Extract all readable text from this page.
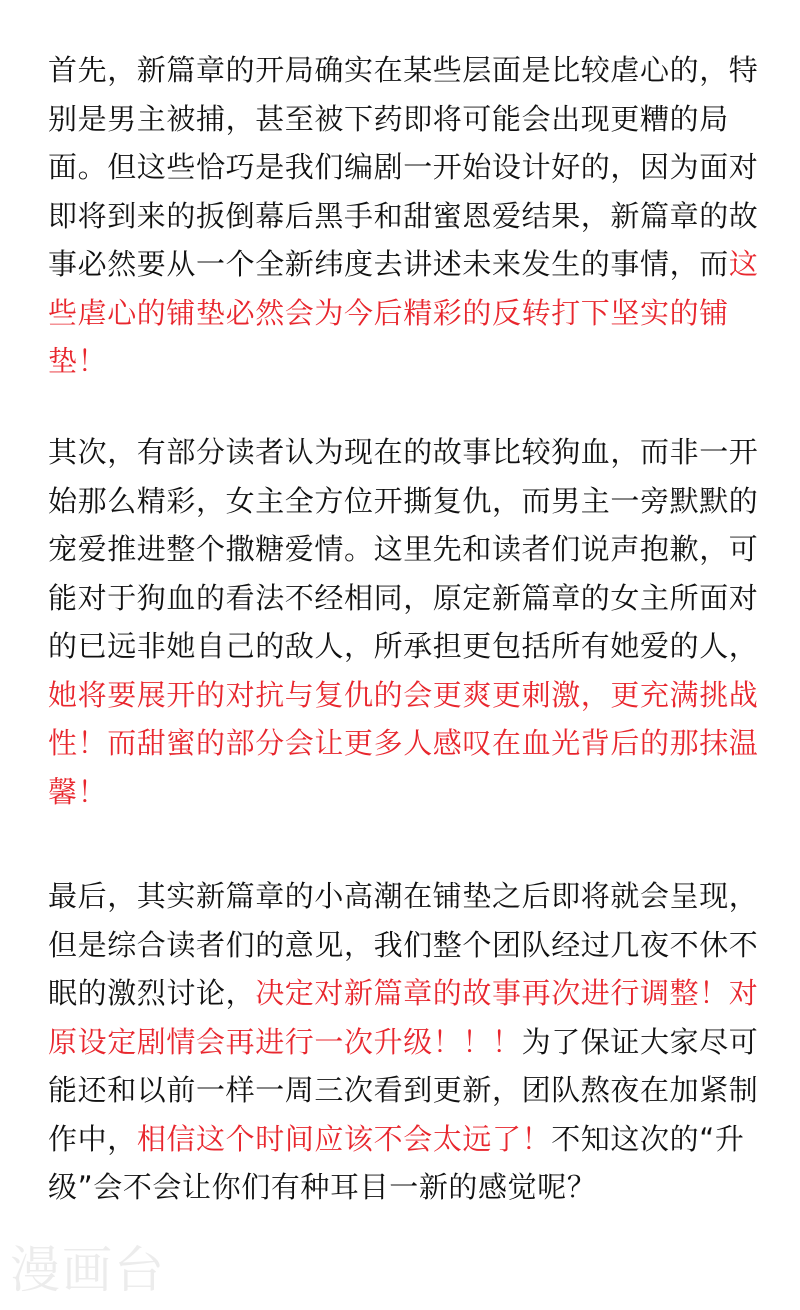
首先，新篇章的开局确实在某些层面是比较虐心的，特别是男主被捕，甚至被下药即将可能会出现更糟的局面。但这些恰巧是我们编剧一开始设计好的，因为面对即将到来的扳倒幕后黑手和甜蜜恩爱结果，新篇章的故事必然要从一个全新纬度去讲述未来发生的事情，而这些虐心的铺垫必然会为今后精彩的反转打下坚实的铺垫！

其次，有部分读者认为现在的故事比较狗血，而非一开始那么精彩，女主全方位开撕复仇，而男主一旁默默的宠爱推进整个撒糖爱情。这里先和读者们说声抱歉，可能对于狗血的看法不经相同，原定新篇章的女主所面对的已远非她自己的敌人，所承担更包括所有她爱的人，她将要展开的对抗与复仇的会更爽更刺激，更充满挑战性！而甜蜜的部分会让更多人感叹在血光背后的那抹温馨！

最后，其实新篇章的小高潮在铺垫之后即将就会呈现，但是综合读者们的意见，我们整个团队经过几夜不休不眠的激烈讨论，决定对新篇章的故事再次进行调整！对原设定剧情会再进行一次升级！！！为了保证大家尽可能还和以前一样一周三次看到更新，团队熬夜在加紧制作中，相信这个时间应该不会太远了！不知这次的“升级”会不会让你们有种耳目一新的感觉呢？

漫画台
